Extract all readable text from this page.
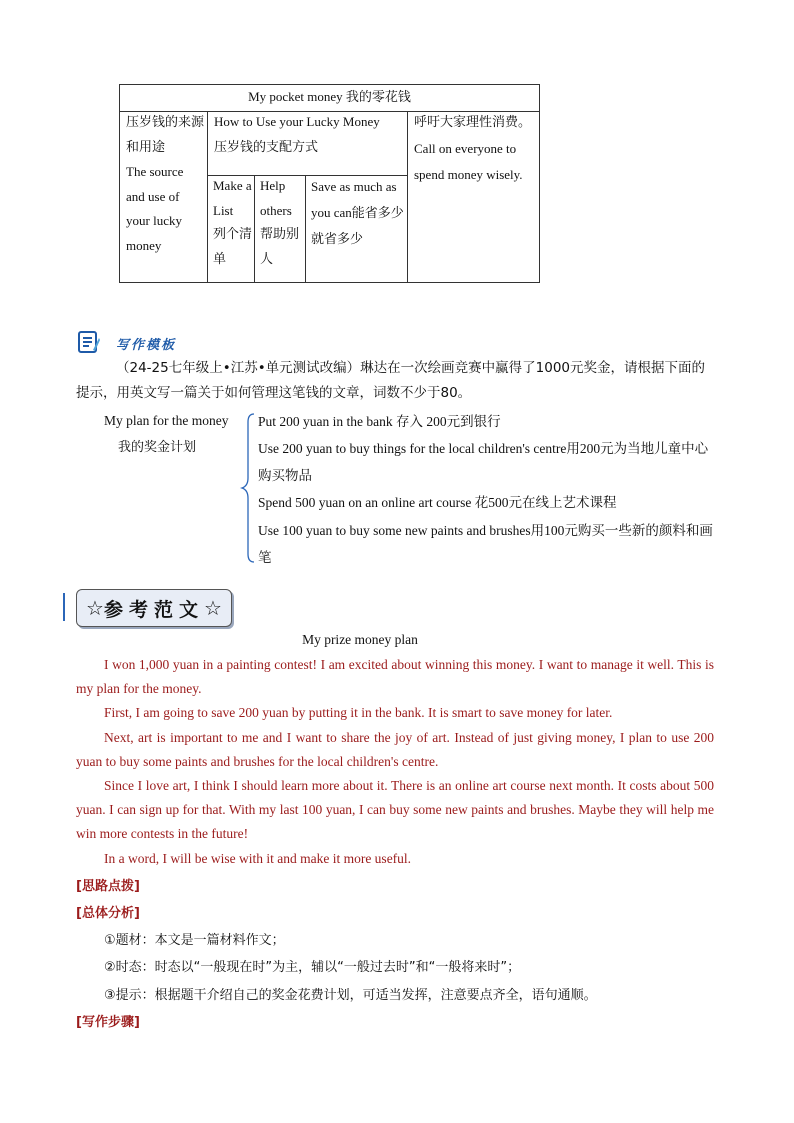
My pocket money 我的零花钱
压岁钱的来源和用途
The source and use of your lucky money
How to Use your Lucky Money
压岁钱的支配方式
Make a List
列个清单
Help others
帮助别人
Save as much as you can能省多少就省多少
呼吁大家理性消费。 Call on everyone to spend money wisely.
写作模板
（24-25七年级上•江苏•单元测试改编）琳达在一次绘画竞赛中赢得了1000元奖金，请根据下面的提示，用英文写一篇关于如何管理这笔钱的文章，词数不少于80。
My plan for the money
我的奖金计划
Put 200 yuan in the bank 存入 200元到银行
Use 200 yuan to buy things for the local children's centre用200元为当地儿童中心购买物品
Spend 500 yuan on an online art course 花500元在线上艺术课程
Use 100 yuan to buy some new paints and brushes用100元购买一些新的颜料和画笔
☆ 参考范文 ☆
My prize money plan

I won 1,000 yuan in a painting contest! I am excited about winning this money. I want to manage it well. This is my plan for the money.

First, I am going to save 200 yuan by putting it in the bank. It is smart to save money for later.

Next, art is important to me and I want to share the joy of art. Instead of just giving money, I plan to use 200 yuan to buy some paints and brushes for the local children's centre.

Since I love art, I think I should learn more about it. There is an online art course next month. It costs about 500 yuan. I can sign up for that. With my last 100 yuan, I can buy some new paints and brushes. Maybe they will help me win more contests in the future!

In a word, I will be wise with it and make it more useful.

[思路点拨]
[总体分析]
①题材：本文是一篇材料作文；
②时态：时态以“一般现在时”为主，辅以“一般过去时”和“一般将来时”；
③提示：根据题干介绍自己的奖金花费计划，可适当发挥，注意要点齐全，语句通顺。
[写作步骤]
